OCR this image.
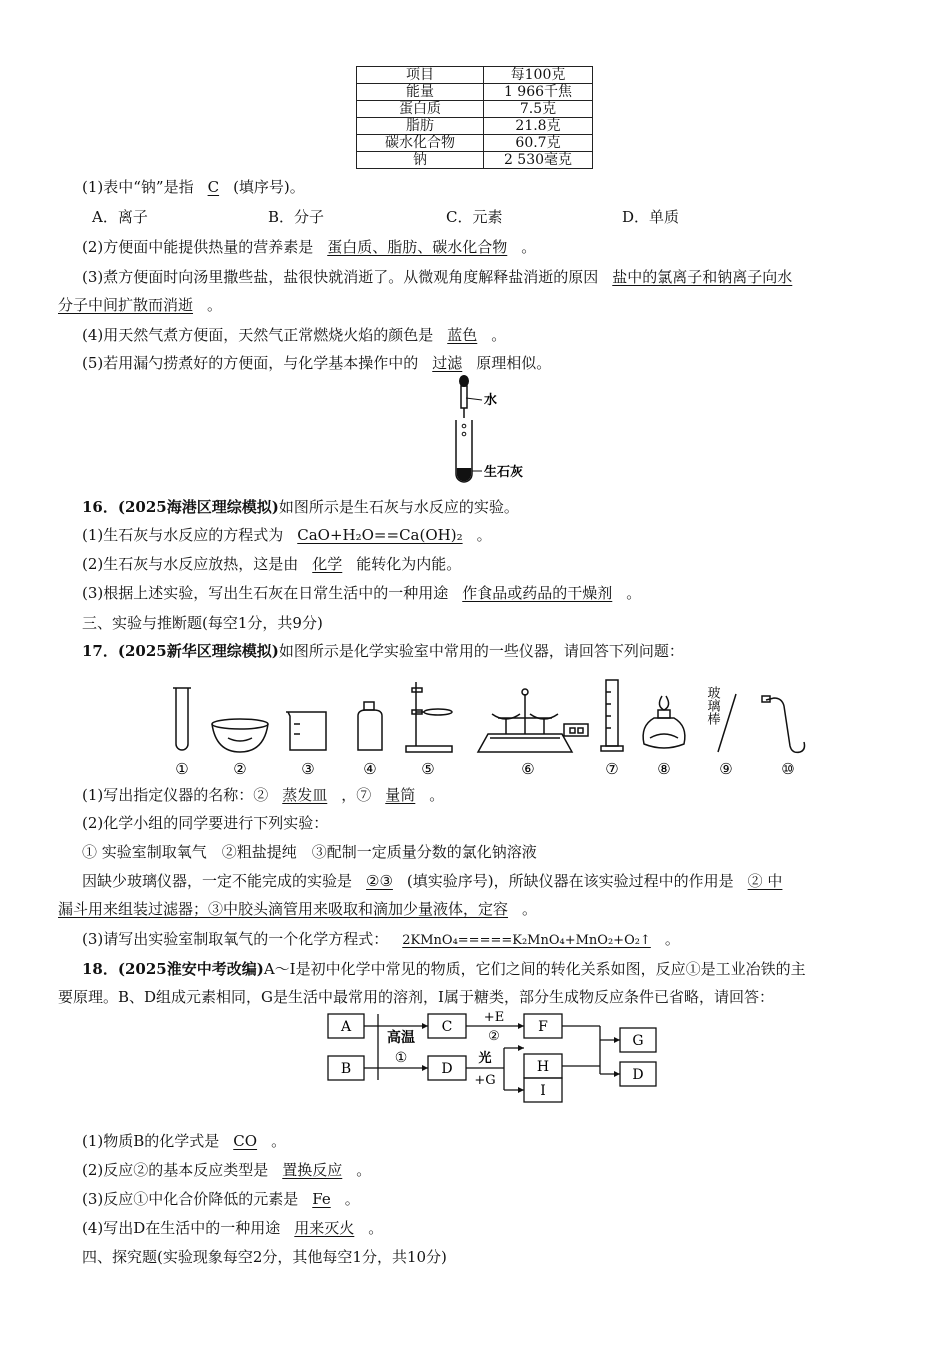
项目	每100克
能量	1 966千焦
蛋白质	7.5克
脂肪	21.8克
碳水化合物	60.7克
钠	2 530毫克
(1)表中“钠”是指 C (填序号)。
A．离子	B．分子	C．元素	D．单质
(2)方便面中能提供热量的营养素是 蛋白质、脂肪、碳水化合物 。
(3)煮方便面时向汤里撒些盐，盐很快就消逝了。从微观角度解释盐消逝的原因 盐中的氯离子和钠离子向水
分子中间扩散而消逝 。
(4)用天然气煮方便面，天然气正常燃烧火焰的颜色是 蓝色 。
(5)若用漏勺捞煮好的方便面，与化学基本操作中的 过滤 原理相似。
水
生石灰
16．(2025海港区理综模拟)如图所示是生石灰与水反应的实验。
(1)生石灰与水反应的方程式为 CaO+H₂O==Ca(OH)₂ 。
(2)生石灰与水反应放热，这是由 化学 能转化为内能。
(3)根据上述实验，写出生石灰在日常生活中的一种用途 作食品或药品的干燥剂 。
三、实验与推断题(每空1分，共9分)
17．(2025新华区理综模拟)如图所示是化学实验室中常用的一些仪器，请回答下列问题：
玻璃棒
①	②	③	④	⑤	⑥	⑦	⑧	⑨	⑩
(1)写出指定仪器的名称：② 蒸发皿 ，⑦ 量筒 。
(2)化学小组的同学要进行下列实验：
① 实验室制取氧气　②粗盐提纯　③配制一定质量分数的氯化钠溶液
因缺少玻璃仪器，一定不能完成的实验是 ②③ (填实验序号)，所缺仪器在该实验过程中的作用是 ② 中
漏斗用来组装过滤器；③中胶头滴管用来吸取和滴加少量液体，定容 。
(3)请写出实验室制取氧气的一个化学方程式： 2KMnO₄=====K₂MnO₄+MnO₂+O₂↑ 。
18．(2025淮安中考改编)A～I是初中化学中常见的物质，它们之间的转化关系如图，反应①是工业冶铁的主
要原理。B、D组成元素相同，G是生活中最常用的溶剂，I属于糖类，部分生成物反应条件已省略，请回答：
A
B
C
D
F
H
I
G
D
高温
①
+E
②
光
+G
(1)物质B的化学式是 CO 。
(2)反应②的基本反应类型是 置换反应 。
(3)反应①中化合价降低的元素是 Fe 。
(4)写出D在生活中的一种用途 用来灭火 。
四、探究题(实验现象每空2分，其他每空1分，共10分)
